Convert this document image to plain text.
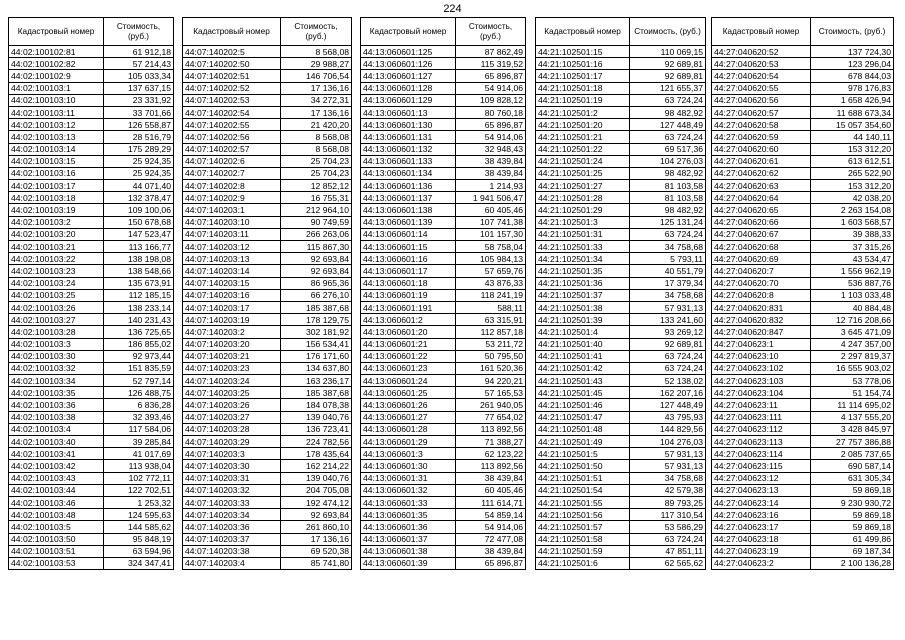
224
Кадастровый номер	Стоимость, (руб.)
44:02:100102:81	61 912,18
44:02:100102:82	57 214,43
44:02:100102:9	105 033,34
44:02:100103:1	137 637,15
44:02:100103:10	23 331,92
44:02:100103:11	33 701,66
44:02:100103:12	126 558,87
44:02:100103:13	28 516,79
44:02:100103:14	175 289,29
44:02:100103:15	25 924,35
44:02:100103:16	25 924,35
44:02:100103:17	44 071,40
44:02:100103:18	132 378,47
44:02:100103:19	109 100,06
44:02:100103:2	150 678,68
44:02:100103:20	147 523,47
44:02:100103:21	113 166,77
44:02:100103:22	138 198,08
44:02:100103:23	138 548,66
44:02:100103:24	135 673,91
44:02:100103:25	112 185,15
44:02:100103:26	138 233,14
44:02:100103:27	140 231,43
44:02:100103:28	136 725,65
44:02:100103:3	186 855,02
44:02:100103:30	92 973,44
44:02:100103:32	151 835,59
44:02:100103:34	52 797,14
44:02:100103:35	126 488,75
44:02:100103:36	6 836,28
44:02:100103:38	32 393,46
44:02:100103:4	117 584,06
44:02:100103:40	39 285,84
44:02:100103:41	41 017,69
44:02:100103:42	113 938,04
44:02:100103:43	102 772,11
44:02:100103:44	122 702,51
44:02:100103:46	1 253,32
44:02:100103:48	124 595,63
44:02:100103:5	144 585,62
44:02:100103:50	95 848,19
44:02:100103:51	63 594,96
44:02:100103:53	324 347,41
Кадастровый номер	Стоимость, (руб.)
44:07:140202:5	8 568,08
44:07:140202:50	29 988,27
44:07:140202:51	146 706,54
44:07:140202:52	17 136,16
44:07:140202:53	34 272,31
44:07:140202:54	17 136,16
44:07:140202:55	21 420,20
44:07:140202:56	8 568,08
44:07:140202:57	8 568,08
44:07:140202:6	25 704,23
44:07:140202:7	25 704,23
44:07:140202:8	12 852,12
44:07:140202:9	16 755,31
44:07:140203:1	212 964,10
44:07:140203:10	90 749,59
44:07:140203:11	266 263,06
44:07:140203:12	115 867,30
44:07:140203:13	92 693,84
44:07:140203:14	92 693,84
44:07:140203:15	86 965,36
44:07:140203:16	66 276,10
44:07:140203:17	185 387,68
44:07:140203:19	178 129,75
44:07:140203:2	302 181,92
44:07:140203:20	156 534,41
44:07:140203:21	176 171,60
44:07:140203:23	134 637,80
44:07:140203:24	163 236,17
44:07:140203:25	185 387,68
44:07:140203:26	184 078,38
44:07:140203:27	139 040,76
44:07:140203:28	136 723,41
44:07:140203:29	224 782,56
44:07:140203:3	178 435,64
44:07:140203:30	162 214,22
44:07:140203:31	139 040,76
44:07:140203:32	204 705,08
44:07:140203:33	192 474,12
44:07:140203:34	92 693,84
44:07:140203:36	261 860,10
44:07:140203:37	17 136,16
44:07:140203:38	69 520,38
44:07:140203:4	85 741,80
Кадастровый номер	Стоимость, (руб.)
44:13:060601:125	87 862,49
44:13:060601:126	115 319,52
44:13:060601:127	65 896,87
44:13:060601:128	54 914,06
44:13:060601:129	109 828,12
44:13:060601:13	80 760,18
44:13:060601:130	65 896,87
44:13:060601:131	54 914,06
44:13:060601:132	32 948,43
44:13:060601:133	38 439,84
44:13:060601:134	38 439,84
44:13:060601:136	1 214,93
44:13:060601:137	1 941 506,47
44:13:060601:138	60 405,46
44:13:060601:139	107 741,38
44:13:060601:14	101 157,30
44:13:060601:15	58 758,04
44:13:060601:16	105 984,13
44:13:060601:17	57 659,76
44:13:060601:18	43 876,33
44:13:060601:19	118 241,19
44:13:060601:191	588,11
44:13:060601:2	63 315,91
44:13:060601:20	112 857,18
44:13:060601:21	53 211,72
44:13:060601:22	50 795,50
44:13:060601:23	161 520,36
44:13:060601:24	94 220,21
44:13:060601:25	57 165,53
44:13:060601:26	261 940,05
44:13:060601:27	77 654,02
44:13:060601:28	113 892,56
44:13:060601:29	71 388,27
44:13:060601:3	62 123,22
44:13:060601:30	113 892,56
44:13:060601:31	38 439,84
44:13:060601:32	60 405,46
44:13:060601:33	111 614,71
44:13:060601:35	54 859,14
44:13:060601:36	54 914,06
44:13:060601:37	72 477,08
44:13:060601:38	38 439,84
44:13:060601:39	65 896,87
Кадастровый номер	Стоимость, (руб.)
44:21:102501:15	110 069,15
44:21:102501:16	92 689,81
44:21:102501:17	92 689,81
44:21:102501:18	121 655,37
44:21:102501:19	63 724,24
44:21:102501:2	98 482,92
44:21:102501:20	127 448,49
44:21:102501:21	63 724,24
44:21:102501:22	69 517,36
44:21:102501:24	104 276,03
44:21:102501:25	98 482,92
44:21:102501:27	81 103,58
44:21:102501:28	81 103,58
44:21:102501:29	98 482,92
44:21:102501:3	125 131,24
44:21:102501:31	63 724,24
44:21:102501:33	34 758,68
44:21:102501:34	5 793,11
44:21:102501:35	40 551,79
44:21:102501:36	17 379,34
44:21:102501:37	34 758,68
44:21:102501:38	57 931,13
44:21:102501:39	133 241,60
44:21:102501:4	93 269,12
44:21:102501:40	92 689,81
44:21:102501:41	63 724,24
44:21:102501:42	63 724,24
44:21:102501:43	52 138,02
44:21:102501:45	162 207,16
44:21:102501:46	127 448,49
44:21:102501:47	43 795,93
44:21:102501:48	144 829,56
44:21:102501:49	104 276,03
44:21:102501:5	57 931,13
44:21:102501:50	57 931,13
44:21:102501:51	34 758,68
44:21:102501:54	42 579,38
44:21:102501:55	89 793,25
44:21:102501:56	117 310,54
44:21:102501:57	53 586,29
44:21:102501:58	63 724,24
44:21:102501:59	47 851,11
44:21:102501:6	62 565,62
Кадастровый номер	Стоимость, (руб.)
44:27:040620:52	137 724,30
44:27:040620:53	123 296,04
44:27:040620:54	678 844,03
44:27:040620:55	978 176,83
44:27:040620:56	1 658 426,94
44:27:040620:57	11 688 673,34
44:27:040620:58	15 057 354,60
44:27:040620:59	44 140,11
44:27:040620:60	153 312,20
44:27:040620:61	613 612,51
44:27:040620:62	265 522,90
44:27:040620:63	153 312,20
44:27:040620:64	42 038,20
44:27:040620:65	2 263 154,08
44:27:040620:66	1 603 568,57
44:27:040620:67	39 388,33
44:27:040620:68	37 315,26
44:27:040620:69	43 534,47
44:27:040620:7	1 556 962,19
44:27:040620:70	536 887,76
44:27:040620:8	1 103 033,48
44:27:040620:831	40 884,48
44:27:040620:832	12 716 208,66
44:27:040620:847	3 645 471,09
44:27:040623:1	4 247 357,00
44:27:040623:10	2 297 819,37
44:27:040623:102	16 555 903,02
44:27:040623:103	53 778,06
44:27:040623:104	51 154,74
44:27:040623:11	11 114 695,02
44:27:040623:111	4 137 555,20
44:27:040623:112	3 428 845,97
44:27:040623:113	27 757 386,88
44:27:040623:114	2 085 737,65
44:27:040623:115	690 587,14
44:27:040623:12	631 305,34
44:27:040623:13	59 869,18
44:27:040623:14	9 230 930,72
44:27:040623:16	59 869,18
44:27:040623:17	59 869,18
44:27:040623:18	61 499,86
44:27:040623:19	69 187,34
44:27:040623:2	2 100 136,28
